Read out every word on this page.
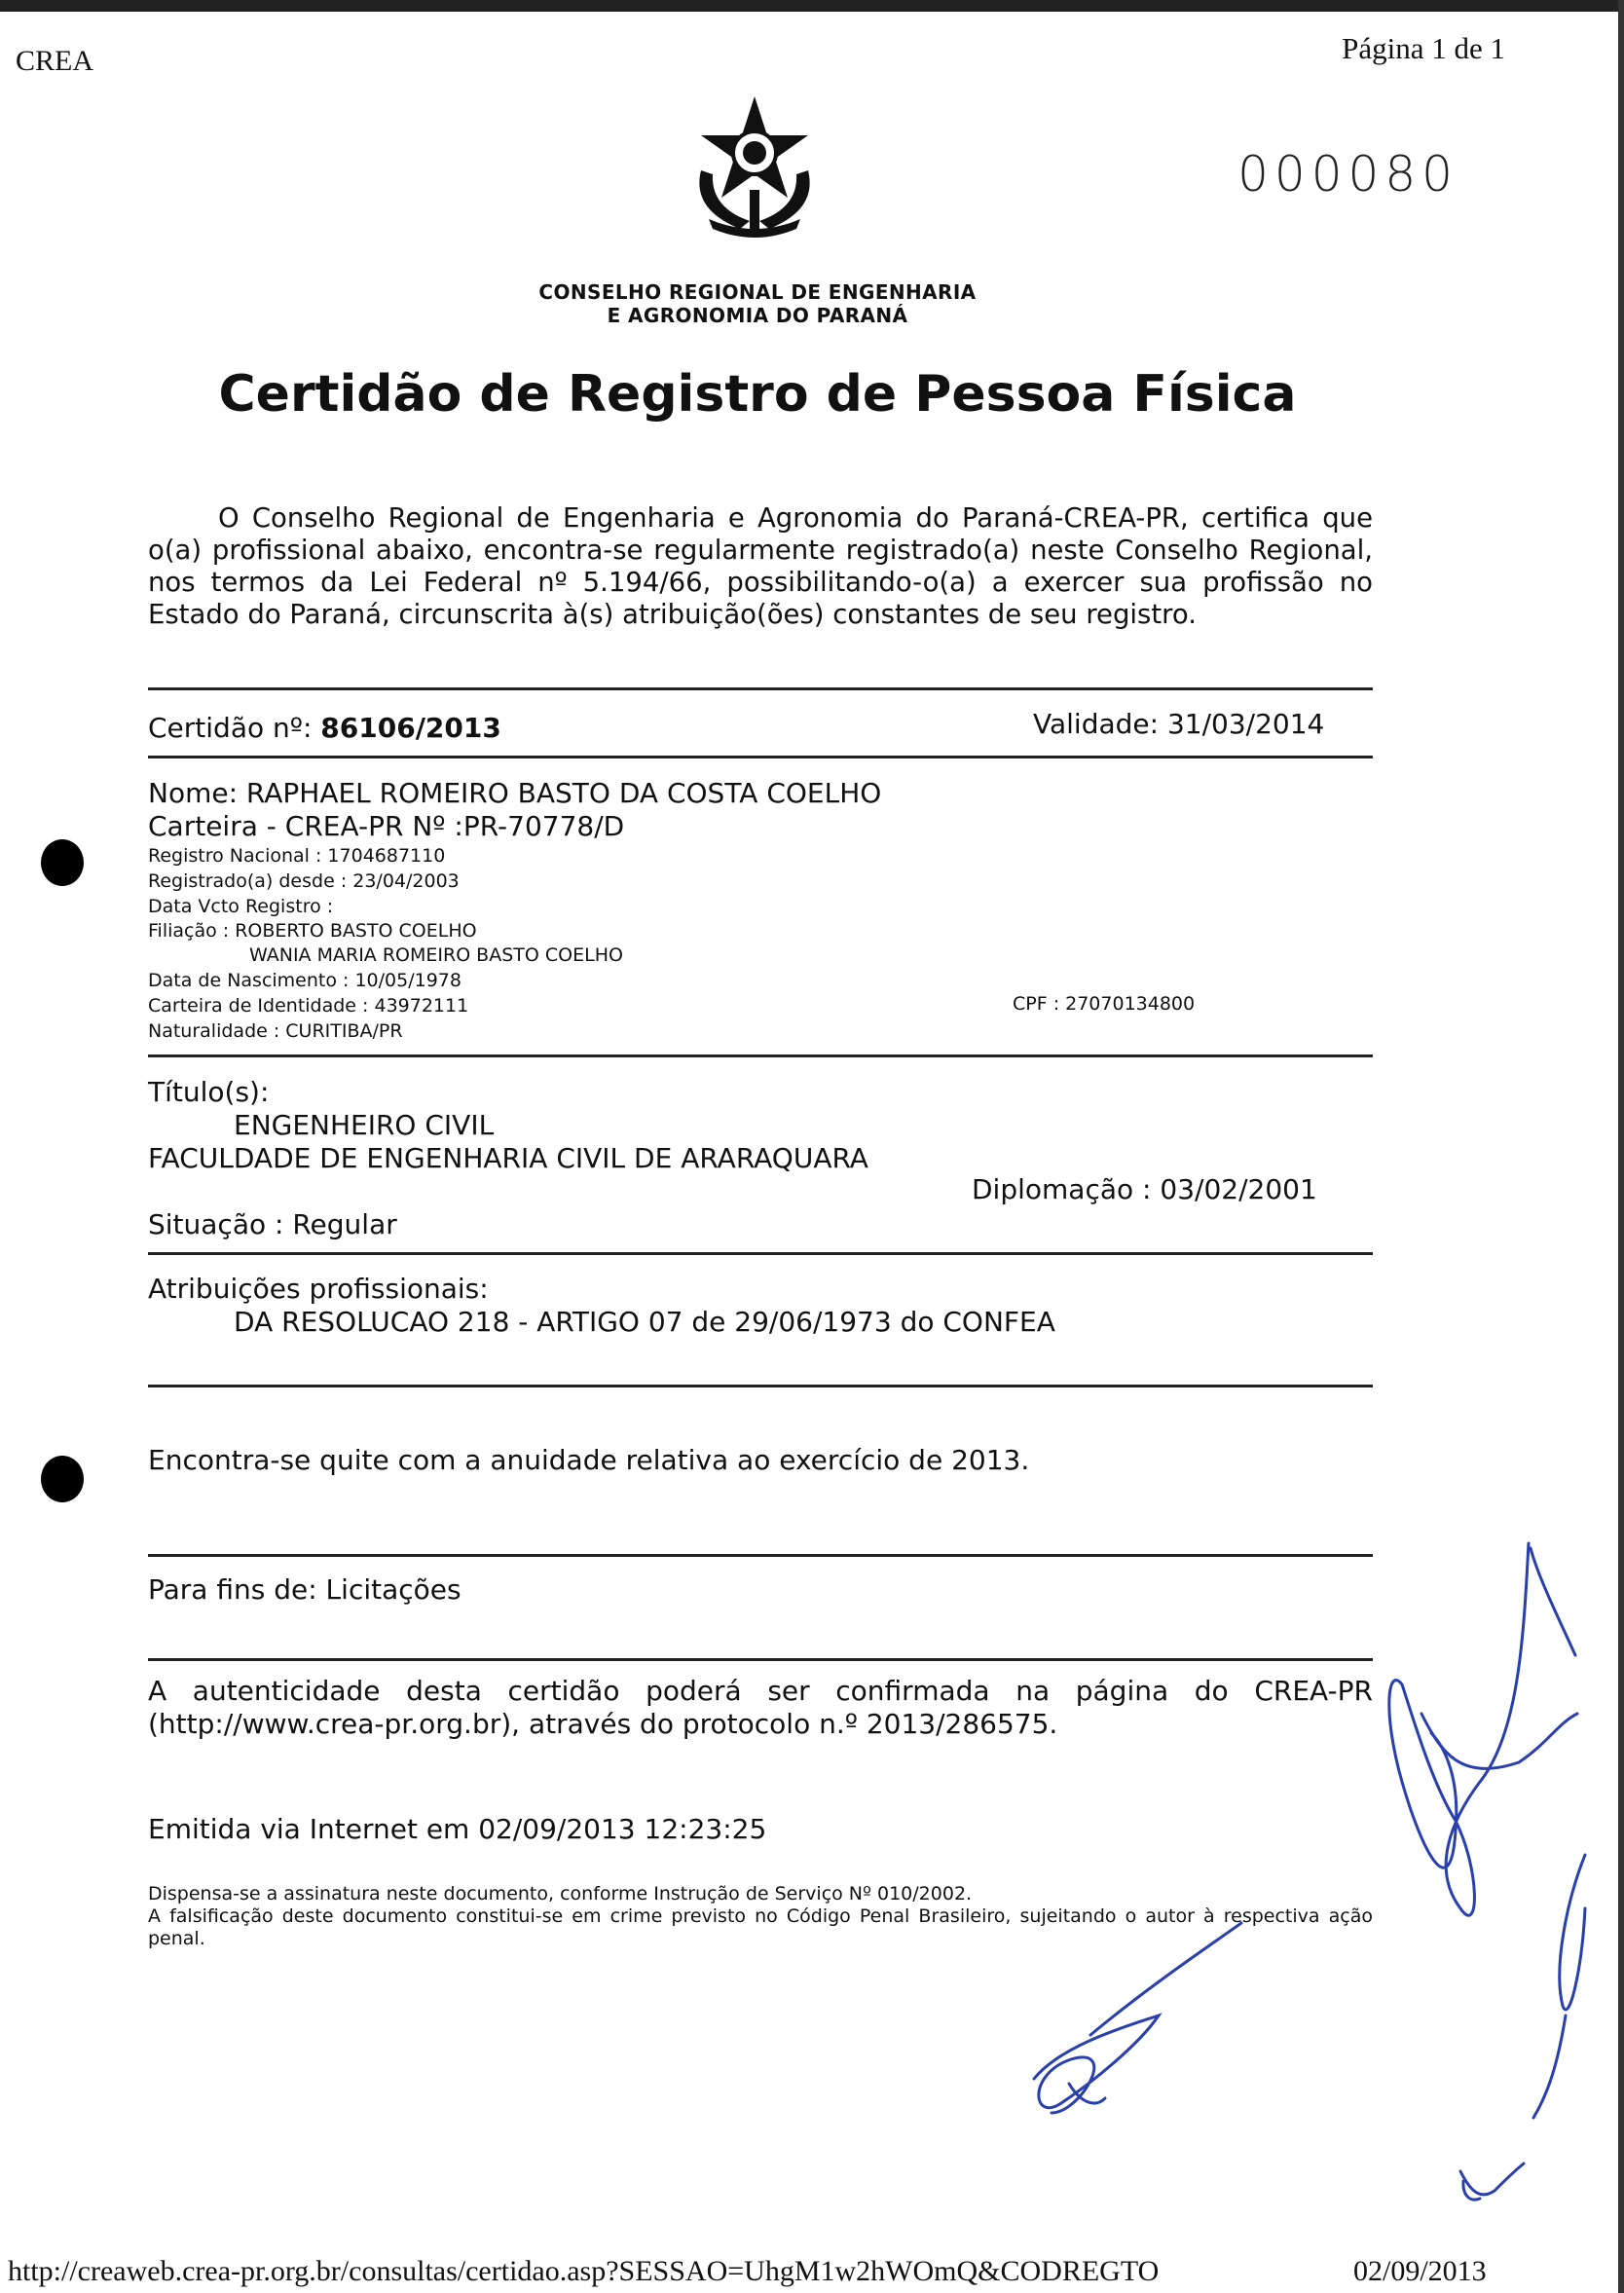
CREA	Página 1 de 1
000080
CONSELHO REGIONAL DE ENGENHARIA
E AGRONOMIA DO PARANÁ
Certidão de Registro de Pessoa Física
O Conselho Regional de Engenharia e Agronomia do Paraná-CREA-PR, certifica que o(a) profissional abaixo, encontra-se regularmente registrado(a) neste Conselho Regional, nos termos da Lei Federal nº 5.194/66, possibilitando-o(a) a exercer sua profissão no Estado do Paraná, circunscrita à(s) atribuição(ões) constantes de seu registro.
Certidão nº: 86106/2013	Validade: 31/03/2014
Nome: RAPHAEL ROMEIRO BASTO DA COSTA COELHO
Carteira - CREA-PR Nº :PR-70778/D
Registro Nacional : 1704687110
Registrado(a) desde : 23/04/2003
Data Vcto Registro :
Filiação : ROBERTO BASTO COELHO
WANIA MARIA ROMEIRO BASTO COELHO
Data de Nascimento : 10/05/1978
Carteira de Identidade : 43972111	CPF : 27070134800
Naturalidade : CURITIBA/PR
Título(s):
ENGENHEIRO CIVIL
FACULDADE DE ENGENHARIA CIVIL DE ARARAQUARA
Diplomação : 03/02/2001
Situação : Regular
Atribuições profissionais:
DA RESOLUCAO 218 - ARTIGO 07 de 29/06/1973 do CONFEA
Encontra-se quite com a anuidade relativa ao exercício de 2013.
Para fins de: Licitações
A autenticidade desta certidão poderá ser confirmada na página do CREA-PR (http://www.crea-pr.org.br), através do protocolo n.º 2013/286575.
Emitida via Internet em 02/09/2013 12:23:25
Dispensa-se a assinatura neste documento, conforme Instrução de Serviço Nº 010/2002.
A falsificação deste documento constitui-se em crime previsto no Código Penal Brasileiro, sujeitando o autor à respectiva ação penal.
http://creaweb.crea-pr.org.br/consultas/certidao.asp?SESSAO=UhgM1w2hWOmQ&CODREGTO	02/09/2013
